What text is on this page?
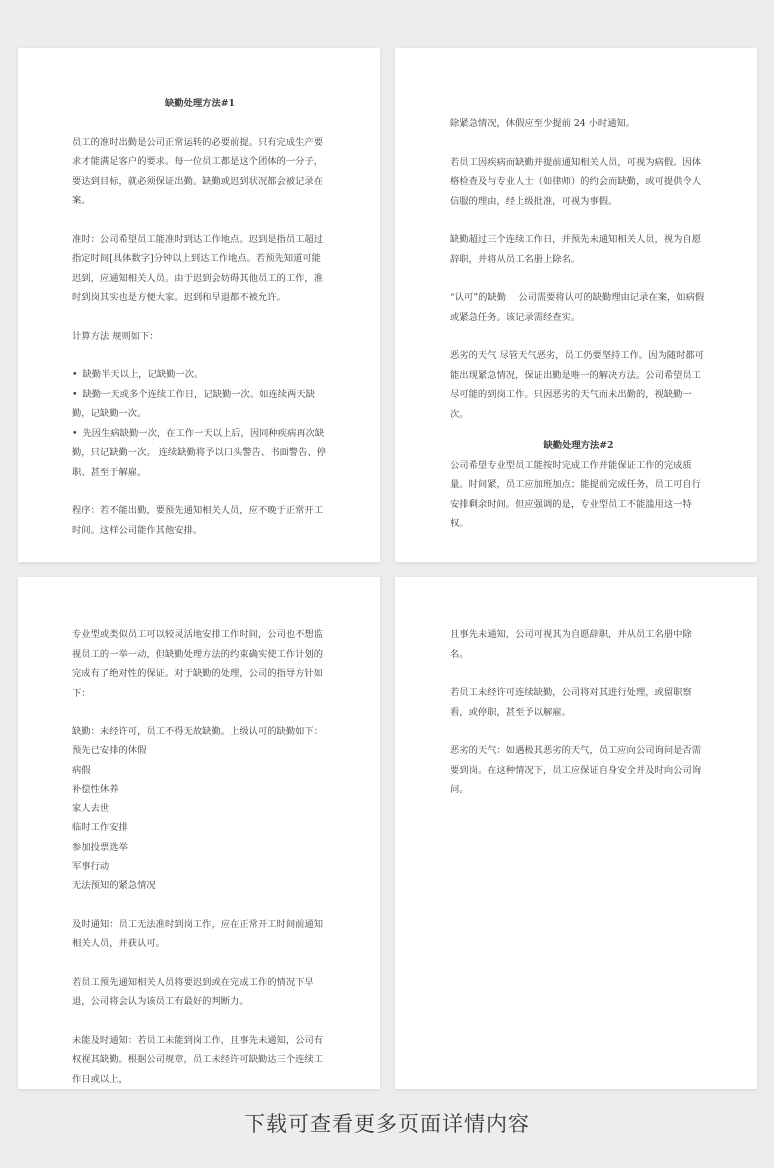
缺勤处理方法#1

员工的准时出勤是公司正常运转的必要前提。只有完成生产要求才能满足客户的要求。每一位员工都是这个团体的一分子，要达到目标，就必须保证出勤。缺勤或迟到状况都会被记录在案。

准时：公司希望员工能准时到达工作地点。迟到是指员工超过指定时间[具体数字]分钟以上到达工作地点。若预先知道可能迟到，应通知相关人员。由于迟到会妨碍其他员工的工作，准时到岗其实也是方便大家。迟到和早退都不被允许。

计算方法 规则如下：

• 缺勤半天以上，记缺勤一次。

• 缺勤一天或多个连续工作日，记缺勤一次。如连续两天缺勤，记缺勤一次。

• 先因生病缺勤一次，在工作一天以上后，因同种疾病再次缺勤，只记缺勤一次。 连续缺勤将予以口头警告、书面警告、停职、甚至于解雇。

程序：若不能出勤，要预先通知相关人员，应不晚于正常开工时间。这样公司能作其他安排。

除紧急情况，休假应至少提前 24 小时通知。

若员工因疾病而缺勤并提前通知相关人员，可视为病假。因体格检查及与专业人士（如律师）的约会而缺勤，或可提供令人信服的理由，经上级批准，可视为事假。

缺勤超过三个连续工作日，并预先未通知相关人员，视为自愿辞职，并将从员工名册上除名。

“认可”的缺勤　 公司需要将认可的缺勤理由记录在案，如病假或紧急任务。该记录需经查实。

恶劣的天气 尽管天气恶劣，员工仍要坚持工作。因为随时都可能出现紧急情况，保证出勤是唯一的解决方法。公司希望员工尽可能的到岗工作。只因恶劣的天气而未出勤的，视缺勤一次。

缺勤处理方法#2

公司希望专业型员工能按时完成工作并能保证工作的完成质量。时间紧，员工应加班加点；能提前完成任务，员工可自行安排剩余时间。但应强调的是，专业型员工不能滥用这一特权。

专业型或类似员工可以较灵活地安排工作时间，公司也不想监视员工的一举一动，但缺勤处理方法的约束确实使工作计划的完成有了绝对性的保证。对于缺勤的处理，公司的指导方针如下：

缺勤：未经许可，员工不得无故缺勤。上级认可的缺勤如下：

预先已安排的休假

病假

补偿性休养

家人去世

临时工作安排

参加投票选举

军事行动

无法预知的紧急情况

及时通知：员工无法准时到岗工作，应在正常开工时间前通知相关人员，并获认可。

若员工预先通知相关人员将要迟到或在完成工作的情况下早退，公司将会认为该员工有最好的判断力。

未能及时通知：若员工未能到岗工作，且事先未通知，公司有权视其缺勤。根据公司规章，员工未经许可缺勤达三个连续工作日或以上，

且事先未通知，公司可视其为自愿辞职，并从员工名册中除名。

若员工未经许可连续缺勤，公司将对其进行处理，或留职察看，或停职，甚至予以解雇。

恶劣的天气：如遇极其恶劣的天气，员工应向公司询问是否需要到岗。在这种情况下，员工应保证自身安全并及时向公司询问。

下载可查看更多页面详情内容
